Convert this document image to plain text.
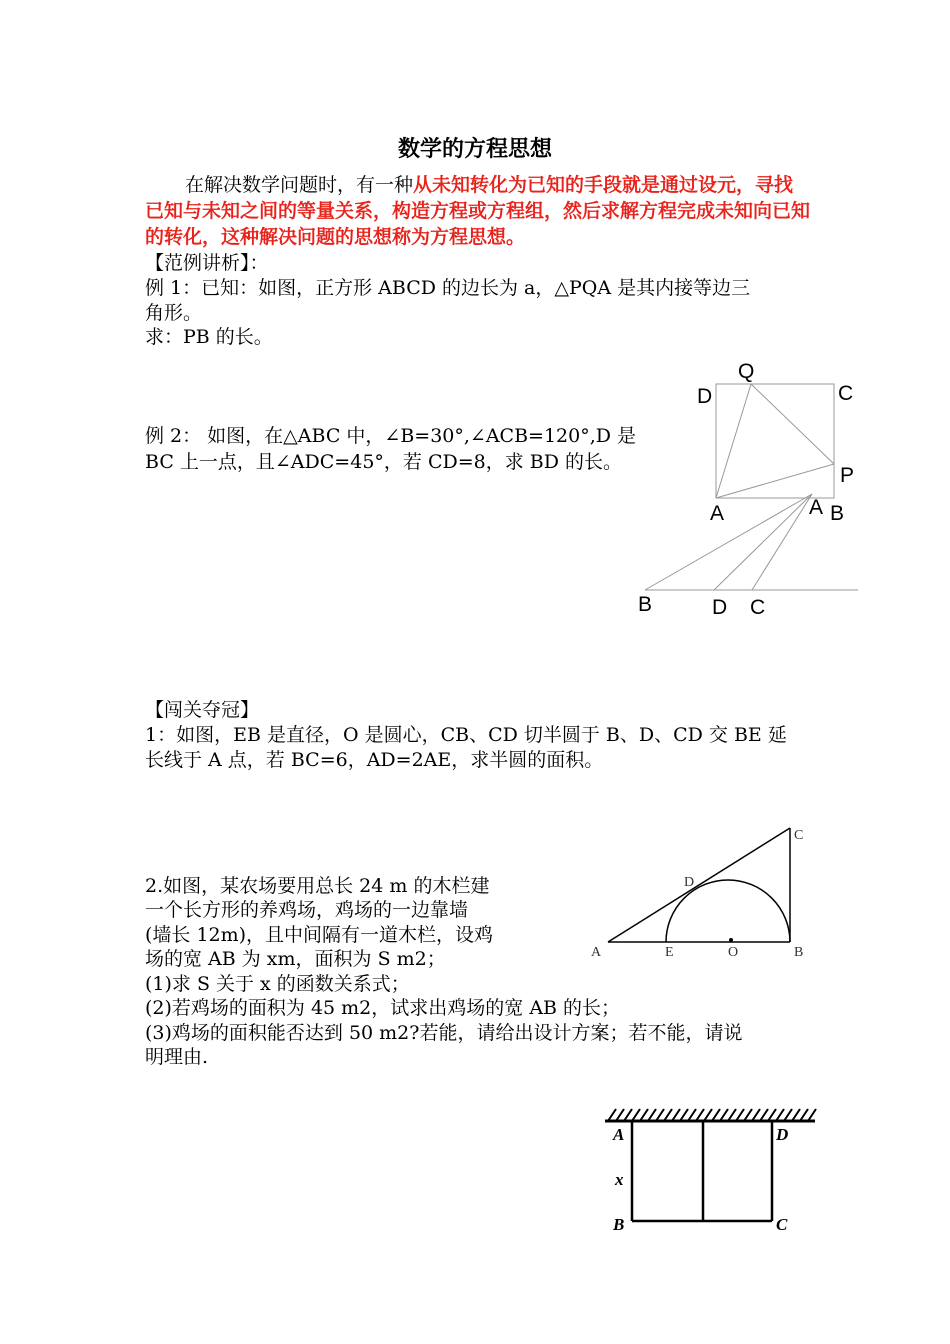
数学的方程思想
在解决数学问题时，有一种从未知转化为已知的手段就是通过设元，寻找已知与未知之间的等量关系，构造方程或方程组，然后求解方程完成未知向已知的转化，这种解决问题的思想称为方程思想。
【范例讲析】：
例 1：已知：如图，正方形 ABCD 的边长为 a，△PQA 是其内接等边三
角形。
求：PB 的长。
例 2： 如图，在△ABC 中，∠B=30°,∠ACB=120°,D 是
BC 上一点，且∠ADC=45°，若 CD=8，求 BD 的长。
【闯关夺冠】
1：如图，EB 是直径，O 是圆心，CB、CD 切半圆于 B、D、CD 交 BE 延
长线于 A 点，若 BC=6，AD=2AE，求半圆的面积。
2.如图，某农场要用总长 24 m 的木栏建
一个长方形的养鸡场，鸡场的一边靠墙
(墙长 12m)，且中间隔有一道木栏，设鸡
场的宽 AB 为 xm，面积为 S m2；
(1)求 S 关于 x 的函数关系式；
(2)若鸡场的面积为 45 m2，试求出鸡场的宽 AB 的长；
(3)鸡场的面积能否达到 50 m2?若能，请给出设计方案；若不能，请说
明理由.
Q
D	C
P
A	B
A
B	D C
C
D
A	E	O	B
A	D
x
B	C
